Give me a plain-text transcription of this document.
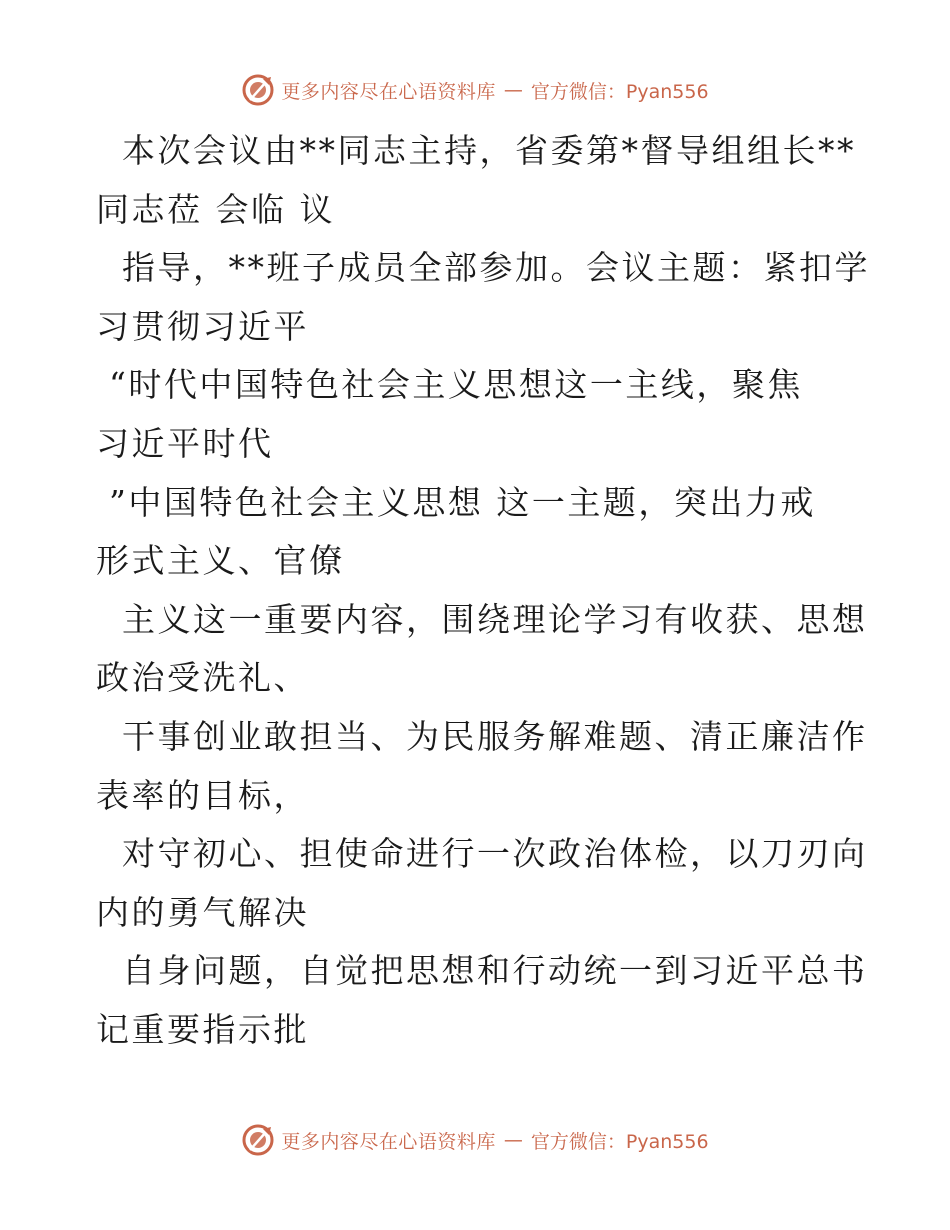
更多内容尽在心语资料库 — 官方微信：Pyan556
本次会议由**同志主持，省委第*督导组组长**
同志莅 会临 议
指导，**班子成员全部参加。会议主题：紧扣学
习贯彻习近平
“时代中国特色社会主义思想这一主线，聚焦
习近平时代
”中国特色社会主义思想 这一主题，突出力戒
形式主义、官僚
主义这一重要内容，围绕理论学习有收获、思想
政治受洗礼、
干事创业敢担当、为民服务解难题、清正廉洁作
表率的目标，
对守初心、担使命进行一次政治体检，以刀刃向
内的勇气解决
自身问题，自觉把思想和行动统一到习近平总书
记重要指示批
更多内容尽在心语资料库 — 官方微信：Pyan556
